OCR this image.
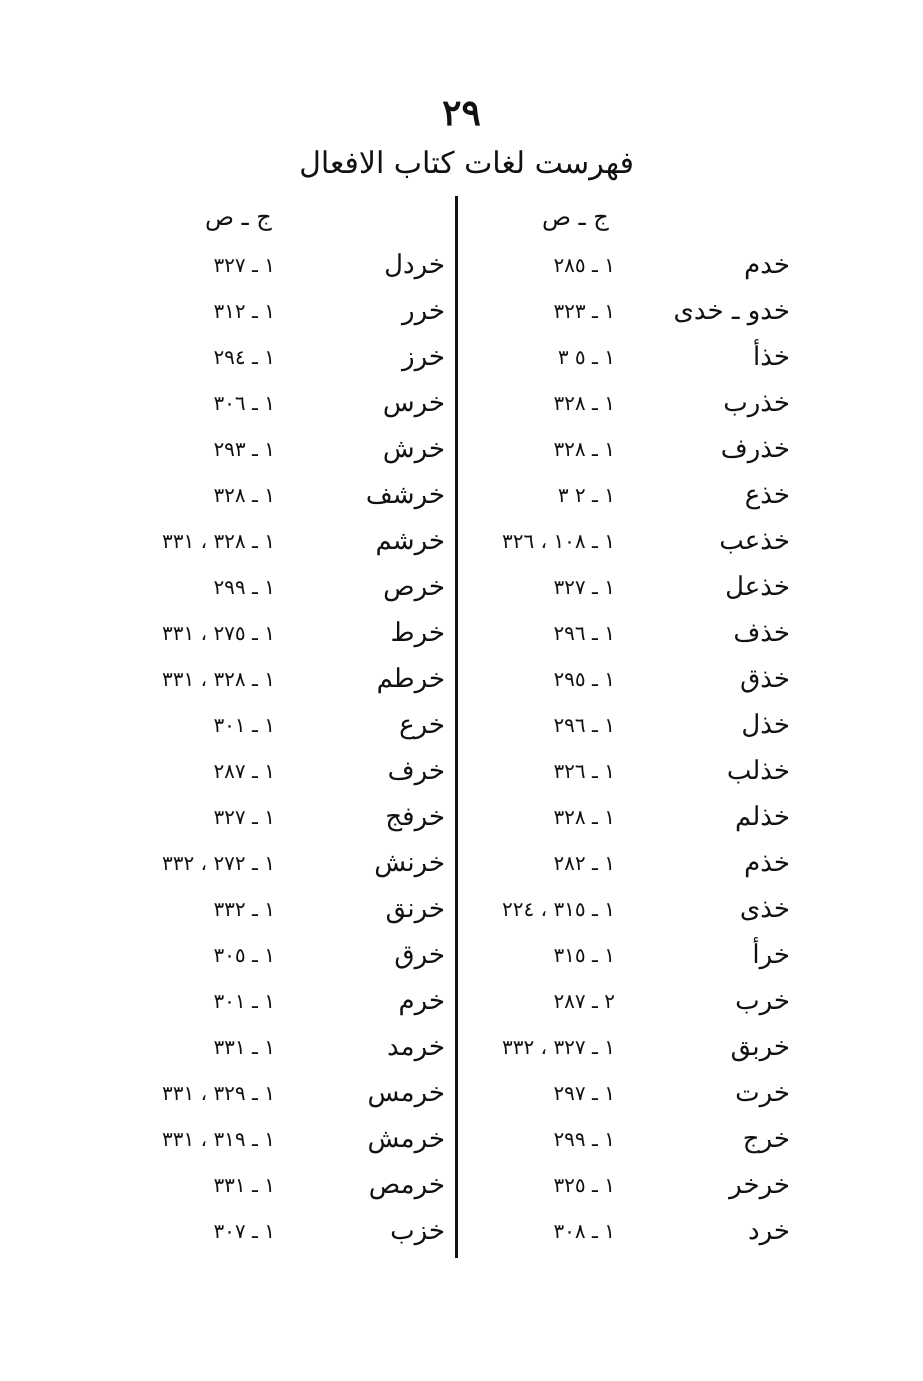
٢٩
فهرست لغات كتاب الافعال
ج ـ ص
ج ـ ص
خدم
١ ـ ٢٨٥
خدو ـ خدى
١ ـ ٣٢٣
خذأ
١ ـ ٥ ٣
خذرب
١ ـ ٣٢٨
خذرف
١ ـ ٣٢٨
خذع
١ ـ ٢ ٣
خذعب
١ ـ ١٠٨ ، ٣٢٦
خذعل
١ ـ ٣٢٧
خذف
١ ـ ٢٩٦
خذق
١ ـ ٢٩٥
خذل
١ ـ ٢٩٦
خذلب
١ ـ ٣٢٦
خذلم
١ ـ ٣٢٨
خذم
١ ـ ٢٨٢
خذى
١ ـ ٣١٥ ، ٢٢٤
خرأ
١ ـ ٣١٥
خرب
٢ ـ ٢٨٧
خربق
١ ـ ٣٢٧ ، ٣٣٢
خرت
١ ـ ٢٩٧
خرج
١ ـ ٢٩٩
خرخر
١ ـ ٣٢٥
خرد
١ ـ ٣٠٨
خردل
١ ـ ٣٢٧
خرر
١ ـ ٣١٢
خرز
١ ـ ٢٩٤
خرس
١ ـ ٣٠٦
خرش
١ ـ ٢٩٣
خرشف
١ ـ ٣٢٨
خرشم
١ ـ ٣٢٨ ، ٣٣١
خرص
١ ـ ٢٩٩
خرط
١ ـ ٢٧٥ ، ٣٣١
خرطم
١ ـ ٣٢٨ ، ٣٣١
خرع
١ ـ ٣٠١
خرف
١ ـ ٢٨٧
خرفج
١ ـ ٣٢٧
خرنش
١ ـ ٢٧٢ ، ٣٣٢
خرنق
١ ـ ٣٣٢
خرق
١ ـ ٣٠٥
خرم
١ ـ ٣٠١
خرمد
١ ـ ٣٣١
خرمس
١ ـ ٣٢٩ ، ٣٣١
خرمش
١ ـ ٣١٩ ، ٣٣١
خرمص
١ ـ ٣٣١
خزب
١ ـ ٣٠٧
